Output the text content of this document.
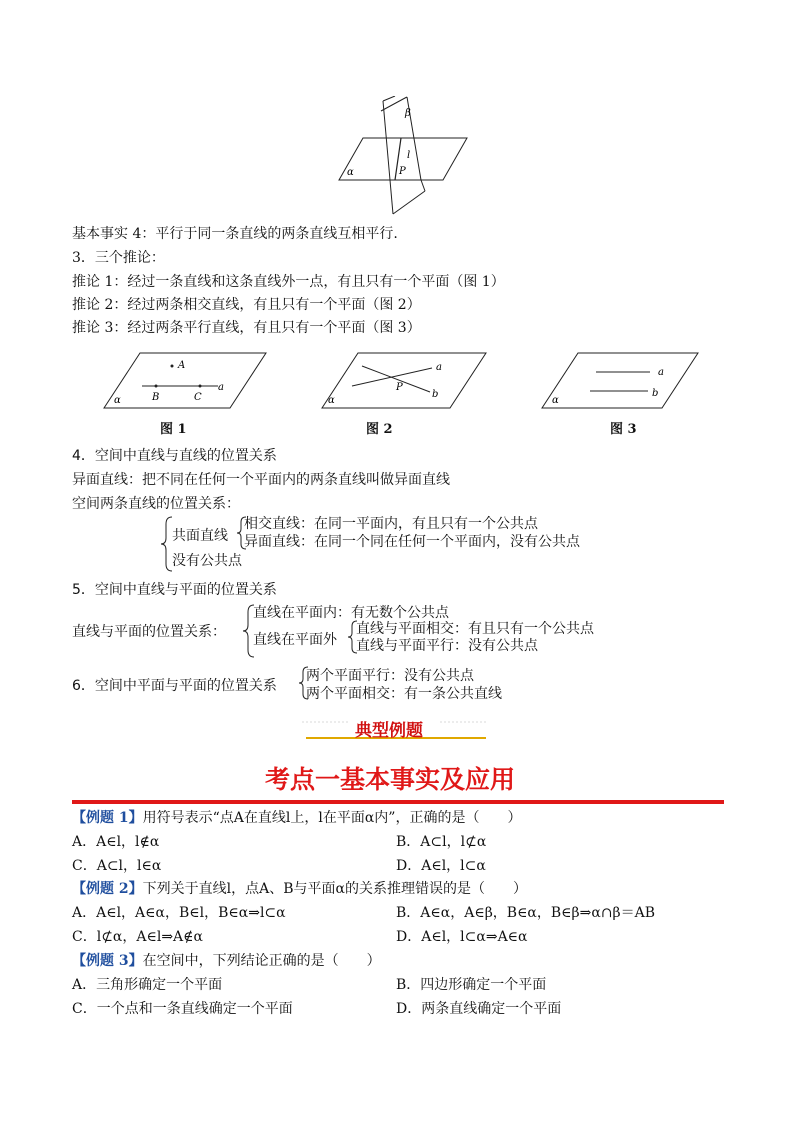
β
l
P
α
基本事实 4：平行于同一条直线的两条直线互相平行.
3．三个推论：
推论 1：经过一条直线和这条直线外一点，有且只有一个平面（图 1）
推论 2：经过两条相交直线，有且只有一个平面（图 2）
推论 3：经过两条平行直线，有且只有一个平面（图 3）
A
B	C
a
α
图 1
P
a
b
α
图 2
a
b
α
图 3
4．空间中直线与直线的位置关系
异面直线：把不同在任何一个平面内的两条直线叫做异面直线
空间两条直线的位置关系：
共面直线
相交直线：在同一平面内，有且只有一个公共点
异面直线：在同一个同在任何一个平面内，没有公共点
没有公共点
5．空间中直线与平面的位置关系
直线与平面的位置关系：
直线在平面内：有无数个公共点
直线在平面外
直线与平面相交：有且只有一个公共点
直线与平面平行：没有公共点
6．空间中平面与平面的位置关系
两个平面平行：没有公共点
两个平面相交：有一条公共直线
典型例题
考点一基本事实及应用
【例题 1】用符号表示“点A在直线l上，l在平面α内”，正确的是（　　）
A．A∈l，l∉α	B．A⊂l，l⊄α
C．A⊂l，l∈α	D．A∈l，l⊂α
【例题 2】下列关于直线l，点A、B与平面α的关系推理错误的是（　　）
A．A∈l，A∈α，B∈l，B∈α⇒l⊂α	B．A∈α，A∈β，B∈α，B∈β⇒α∩β＝AB
C．l⊄α，A∈l⇒A∉α	D．A∈l，l⊂α⇒A∈α
【例题 3】在空间中，下列结论正确的是（　　）
A．三角形确定一个平面	B．四边形确定一个平面
C．一个点和一条直线确定一个平面	D．两条直线确定一个平面
